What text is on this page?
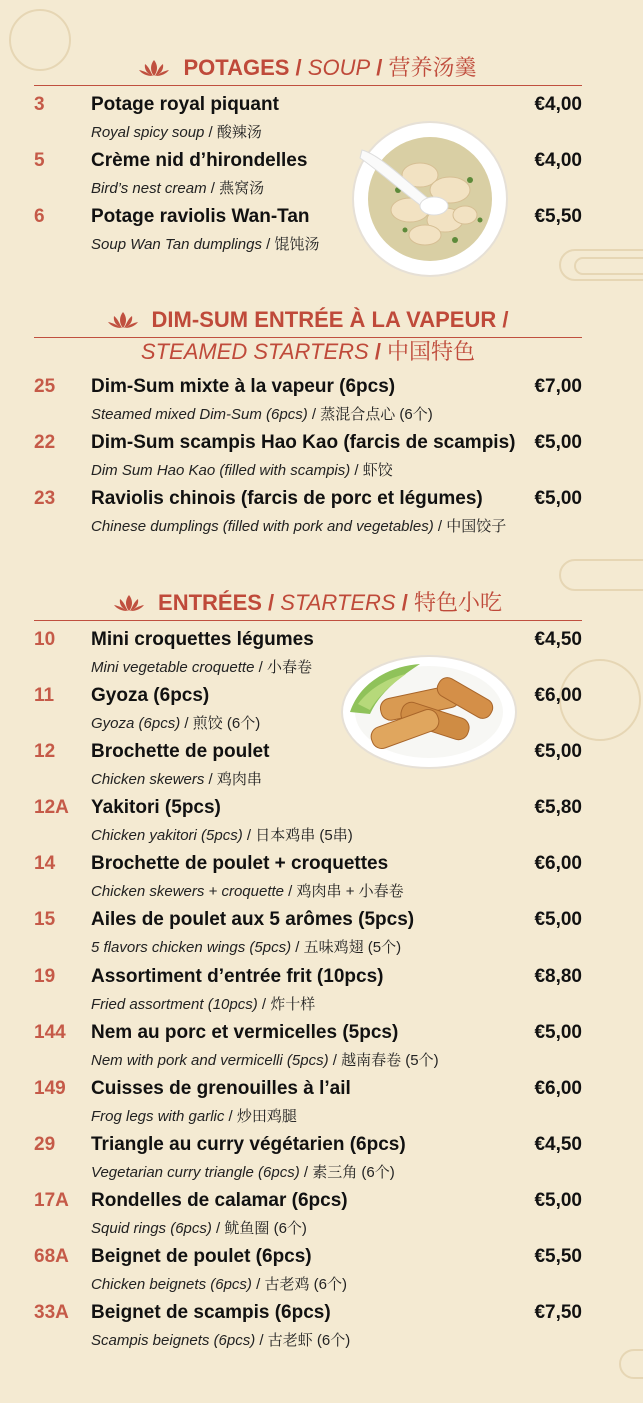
POTAGES / SOUP / 营养汤羹
3 Potage royal piquant
Royal spicy soup / 酸辣汤
€4,00
5 Crème nid d’hirondelles
Bird’s nest cream / 燕窝汤
€4,00
6 Potage raviolis Wan-Tan
Soup Wan Tan dumplings / 馄饨汤
€5,50
DIM-SUM ENTRÉE À LA VAPEUR /
STEAMED STARTERS / 中国特色
25 Dim-Sum mixte à la vapeur (6pcs)
Steamed mixed Dim-Sum (6pcs) / 蒸混合点心 (6个)
€7,00
22 Dim-Sum scampis Hao Kao (farcis de scampis)
Dim Sum Hao Kao (filled with scampis) / 虾饺
€5,00
23 Raviolis chinois (farcis de porc et légumes)
Chinese dumplings (filled with pork and vegetables) / 中国饺子
€5,00
ENTRÉES / STARTERS / 特色小吃
10 Mini croquettes légumes
Mini vegetable croquette / 小春卷
€4,50
11 Gyoza (6pcs)
Gyoza (6pcs) / 煎饺 (6个)
€6,00
12 Brochette de poulet
Chicken skewers / 鸡肉串
€5,00
12A Yakitori (5pcs)
Chicken yakitori (5pcs) / 日本鸡串 (5串)
€5,80
14 Brochette de poulet + croquettes
Chicken skewers + croquette / 鸡肉串 + 小春卷
€6,00
15 Ailes de poulet aux 5 arômes (5pcs)
5 flavors chicken wings (5pcs) / 五味鸡翅 (5个)
€5,00
19 Assortiment d’entrée frit (10pcs)
Fried assortment (10pcs) / 炸十样
€8,80
144 Nem au porc et vermicelles (5pcs)
Nem with pork and vermicelli (5pcs) / 越南春卷 (5个)
€5,00
149 Cuisses de grenouilles à l’ail
Frog legs with garlic / 炒田鸡腿
€6,00
29 Triangle au curry végétarien (6pcs)
Vegetarian curry triangle (6pcs) / 素三角 (6个)
€4,50
17A Rondelles de calamar (6pcs)
Squid rings (6pcs) / 鱿鱼圈 (6个)
€5,00
68A Beignet de poulet (6pcs)
Chicken beignets (6pcs) / 古老鸡 (6个)
€5,50
33A Beignet de scampis (6pcs)
Scampis beignets (6pcs) / 古老虾 (6个)
€7,50
